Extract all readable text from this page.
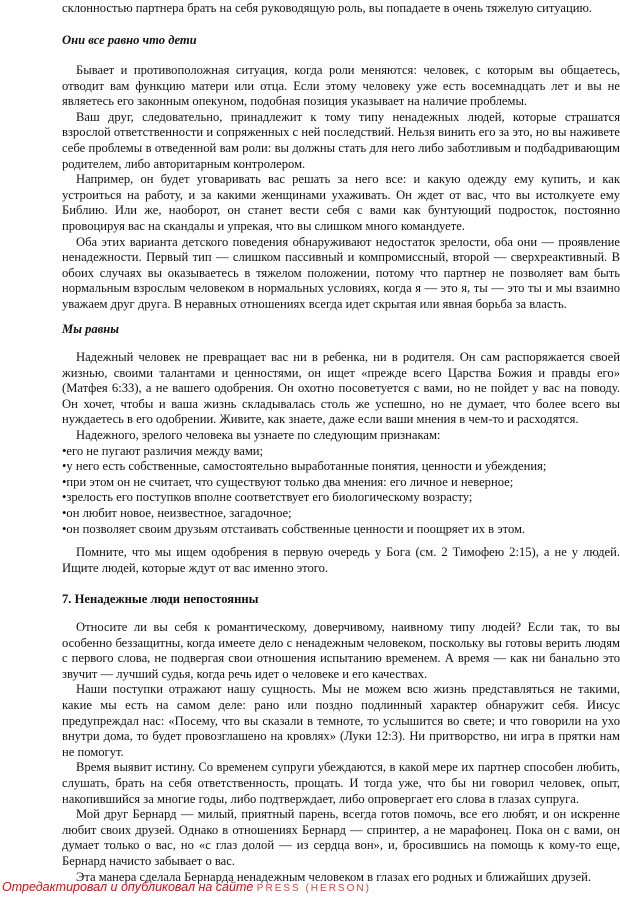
склонностью партнера брать на себя руководящую роль, вы попадаете в очень тяжелую ситуацию.

Они все равно что дети

Бывает и противоположная ситуация, когда роли меняются: человек, с которым вы общаетесь, отводит вам функцию матери или отца. Если этому человеку уже есть восемнадцать лет и вы не являетесь его законным опекуном, подобная позиция указывает на наличие проблемы.

Ваш друг, следовательно, принадлежит к тому типу ненадежных людей, которые страшатся взрослой ответственности и сопряженных с ней последствий. Нельзя винить его за это, но вы наживете себе проблемы в отведенной вам роли: вы должны стать для него либо заботливым и подбадривающим родителем, либо авторитарным контролером.

Например, он будет уговаривать вас решать за него все: и какую одежду ему купить, и как устроиться на работу, и за какими женщинами ухаживать. Он ждет от вас, что вы истолкуете ему Библию. Или же, наоборот, он станет вести себя с вами как бунтующий подросток, постоянно провоцируя вас на скандалы и упрекая, что вы слишком много командуете.

Оба этих варианта детского поведения обнаруживают недостаток зрелости, оба они — проявление ненадежности. Первый тип — слишком пассивный и компромиссный, второй — сверхреактивный. В обоих случаях вы оказываетесь в тяжелом положении, потому что партнер не позволяет вам быть нормальным взрослым человеком в нормальных условиях, когда я — это я, ты — это ты и мы взаимно уважаем друг друга. В неравных отношениях всегда идет скрытая или явная борьба за власть.

Мы равны

Надежный человек не превращает вас ни в ребенка, ни в родителя. Он сам распоряжается своей жизнью, своими талантами и ценностями, он ищет «прежде всего Царства Божия и правды его» (Матфея 6:33), а не вашего одобрения. Он охотно посоветуется с вами, но не пойдет у вас на поводу. Он хочет, чтобы и ваша жизнь складывалась столь же успешно, но не думает, что более всего вы нуждаетесь в его одобрении. Живите, как знаете, даже если ваши мнения в чем-то и расходятся.

Надежного, зрелого человека вы узнаете по следующим признакам:

•его не пугают различия между вами;

•у него есть собственные, самостоятельно выработанные понятия, ценности и убеждения;

•при этом он не считает, что существуют только два мнения: его личное и неверное;

•зрелость его поступков вполне соответствует его биологическому возрасту;

•он любит новое, неизвестное, загадочное;

•он позволяет своим друзьям отстаивать собственные ценности и поощряет их в этом.

Помните, что мы ищем одобрения в первую очередь у Бога (см. 2 Тимофею 2:15), а не у людей. Ищите людей, которые ждут от вас именно этого.

7. Ненадежные люди непостоянны

Относите ли вы себя к романтическому, доверчивому, наивному типу людей? Если так, то вы особенно беззащитны, когда имеете дело с ненадежным человеком, поскольку вы готовы верить людям с первого слова, не подвергая свои отношения испытанию временем. А время — как ни банально это звучит — лучший судья, когда речь идет о человеке и его качествах.

Наши поступки отражают нашу сущность. Мы не можем всю жизнь представляться не такими, какие мы есть на самом деле: рано или поздно подлинный характер обнаружит себя. Иисус предупреждал нас: «Посему, что вы сказали в темноте, то услышится во свете; и что говорили на ухо внутри дома, то будет провозглашено на кровлях» (Луки 12:3). Ни притворство, ни игра в прятки нам не помогут.

Время выявит истину. Со временем супруги убеждаются, в какой мере их партнер способен любить, слушать, брать на себя ответственность, прощать. И тогда уже, что бы ни говорил человек, опыт, накопившийся за многие годы, либо подтверждает, либо опровергает его слова в глазах супруга.

Мой друг Бернард — милый, приятный парень, всегда готов помочь, все его любят, и он искренне любит своих друзей. Однако в отношениях Бернард — спринтер, а не марафонец. Пока он с вами, он думает только о вас, но «с глаз долой — из сердца вон», и, бросившись на помощь к кому-то еще, Бернард начисто забывает о вас.

Эта манера сделала Бернарда ненадежным человеком в глазах его родных и ближайших друзей.

Отредактировал и опубликовал на сайте PRESS (HERSON)
